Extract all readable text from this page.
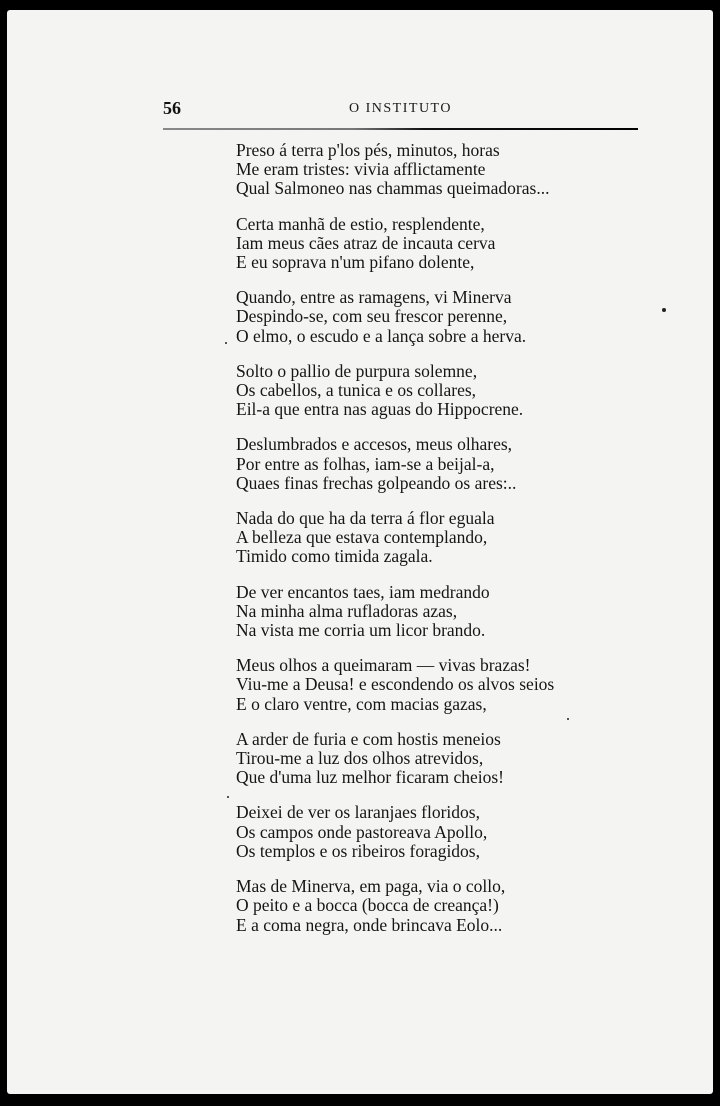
56	O INSTITUTO
Preso á terra p'los pés, minutos, horas
Me eram tristes: vivia afflictamente
Qual Salmoneo nas chammas queimadoras...
Certa manhã de estio, resplendente,
Iam meus cães atraz de incauta cerva
E eu soprava n'um pifano dolente,
Quando, entre as ramagens, vi Minerva
Despindo-se, com seu frescor perenne,
O elmo, o escudo e a lança sobre a herva.
Solto o pallio de purpura solemne,
Os cabellos, a tunica e os collares,
Eil-a que entra nas aguas do Hippocrene.
Deslumbrados e accesos, meus olhares,
Por entre as folhas, iam-se a beijal-a,
Quaes finas frechas golpeando os ares:..
Nada do que ha da terra á flor eguala
A belleza que estava contemplando,
Timido como timida zagala.
De ver encantos taes, iam medrando
Na minha alma rufladoras azas,
Na vista me corria um licor brando.
Meus olhos a queimaram — vivas brazas!
Viu-me a Deusa! e escondendo os alvos seios
E o claro ventre, com macias gazas,
A arder de furia e com hostis meneios
Tirou-me a luz dos olhos atrevidos,
Que d'uma luz melhor ficaram cheios!
Deixei de ver os laranjaes floridos,
Os campos onde pastoreava Apollo,
Os templos e os ribeiros foragidos,
Mas de Minerva, em paga, via o collo,
O peito e a bocca (bocca de creança!)
E a coma negra, onde brincava Eolo...
